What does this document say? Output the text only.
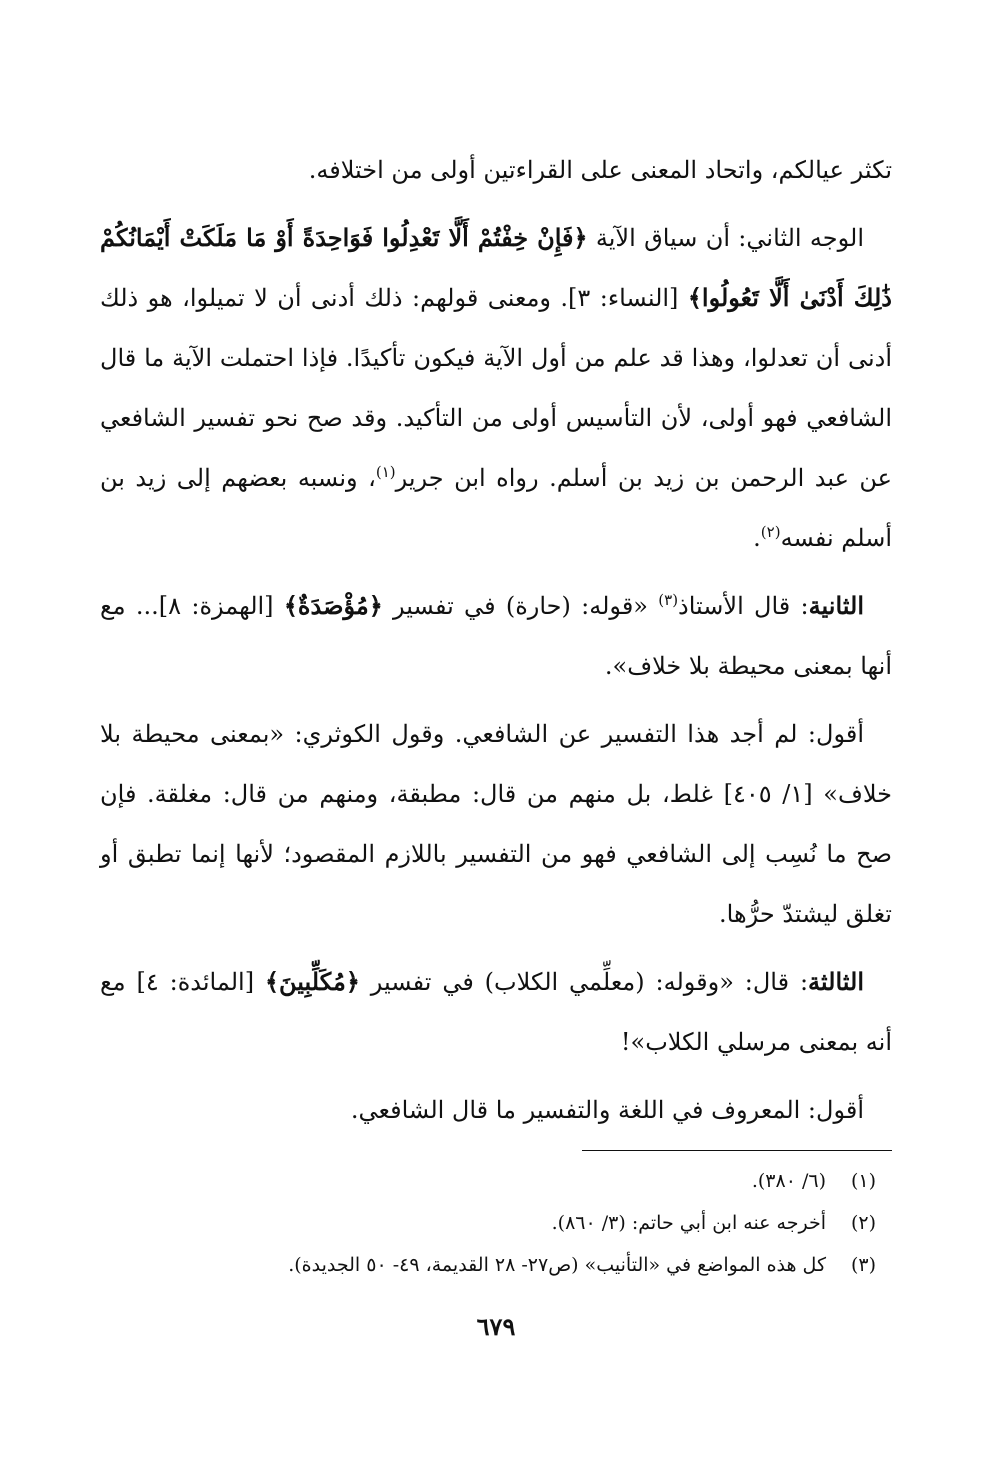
تكثر عيالكم، واتحاد المعنى على القراءتين أولى من اختلافه.

الوجه الثاني: أن سياق الآية ﴿فَإِنْ خِفْتُمْ أَلَّا تَعْدِلُوا فَوَاحِدَةً أَوْ مَا مَلَكَتْ أَيْمَانُكُمْ ذَٰلِكَ أَدْنَىٰ أَلَّا تَعُولُوا﴾ [النساء: ٣]. ومعنى قولهم: ذلك أدنى أن لا تميلوا، هو ذلك أدنى أن تعدلوا، وهذا قد علم من أول الآية فيكون تأكيدًا. فإذا احتملت الآية ما قال الشافعي فهو أولى، لأن التأسيس أولى من التأكيد. وقد صح نحو تفسير الشافعي عن عبد الرحمن بن زيد بن أسلم. رواه ابن جرير$^{(١)}$، ونسبه بعضهم إلى زيد بن أسلم نفسه$^{(٢)}$.

الثانية: قال الأستاذ$^{(٣)}$ «قوله: (حارة) في تفسير ﴿مُؤْصَدَةٌ﴾ [الهمزة: ٨]... مع أنها بمعنى محيطة بلا خلاف».

أقول: لم أجد هذا التفسير عن الشافعي. وقول الكوثري: «بمعنى محيطة بلا خلاف» [١/ ٤٠٥] غلط، بل منهم من قال: مطبقة، ومنهم من قال: مغلقة. فإن صح ما نُسِب إلى الشافعي فهو من التفسير باللازم المقصود؛ لأنها إنما تطبق أو تغلق ليشتدّ حرُّها.

الثالثة: قال: «وقوله: (معلِّمي الكلاب) في تفسير ﴿مُكَلِّبِينَ﴾ [المائدة: ٤] مع أنه بمعنى مرسلي الكلاب»!

أقول: المعروف في اللغة والتفسير ما قال الشافعي.

(١)
(٦/ ٣٨٠).
(٢)
أخرجه عنه ابن أبي حاتم: (٣/ ٨٦٠).
(٣)
كل هذه المواضع في «التأنيب» (ص٢٧- ٢٨ القديمة، ٤٩- ٥٠ الجديدة).
٦٧٩
